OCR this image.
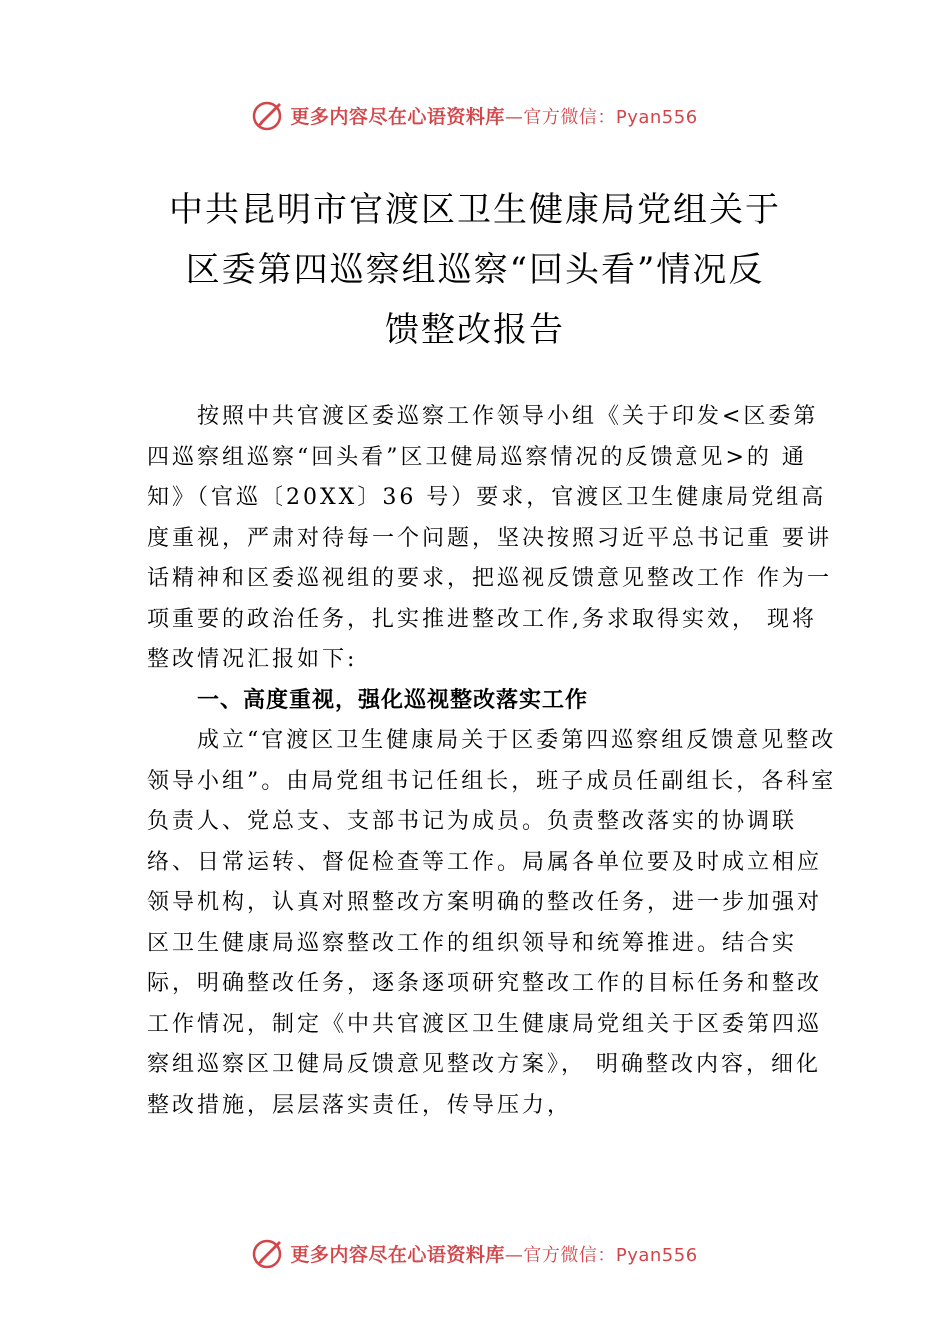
更多内容尽在心语资料库—官方微信：Pyan556
中共昆明市官渡区卫生健康局党组关于
区委第四巡察组巡察“回头看”情况反
馈整改报告

按照中共官渡区委巡察工作领导小组《关于印发<区委第四巡察组巡察“回头看”区卫健局巡察情况的反馈意见>的 通知》（官巡〔20XX〕36 号）要求，官渡区卫生健康局党组高度重视，严肃对待每一个问题，坚决按照习近平总书记重 要讲话精神和区委巡视组的要求，把巡视反馈意见整改工作 作为一项重要的政治任务，扎实推进整改工作,务求取得实效， 现将整改情况汇报如下:

一、高度重视，强化巡视整改落实工作

成立“官渡区卫生健康局关于区委第四巡察组反馈意见整改领导小组”。由局党组书记任组长，班子成员任副组长，各科室负责人、党总支、支部书记为成员。负责整改落实的协调联络、日常运转、督促检查等工作。局属各单位要及时成立相应领导机构，认真对照整改方案明确的整改任务，进一步加强对区卫生健康局巡察整改工作的组织领导和统筹推进。结合实际，明确整改任务，逐条逐项研究整改工作的目标任务和整改工作情况，制定《中共官渡区卫生健康局党组关于区委第四巡察组巡察区卫健局反馈意见整改方案》， 明确整改内容，细化整改措施，层层落实责任，传导压力，

更多内容尽在心语资料库—官方微信：Pyan556
